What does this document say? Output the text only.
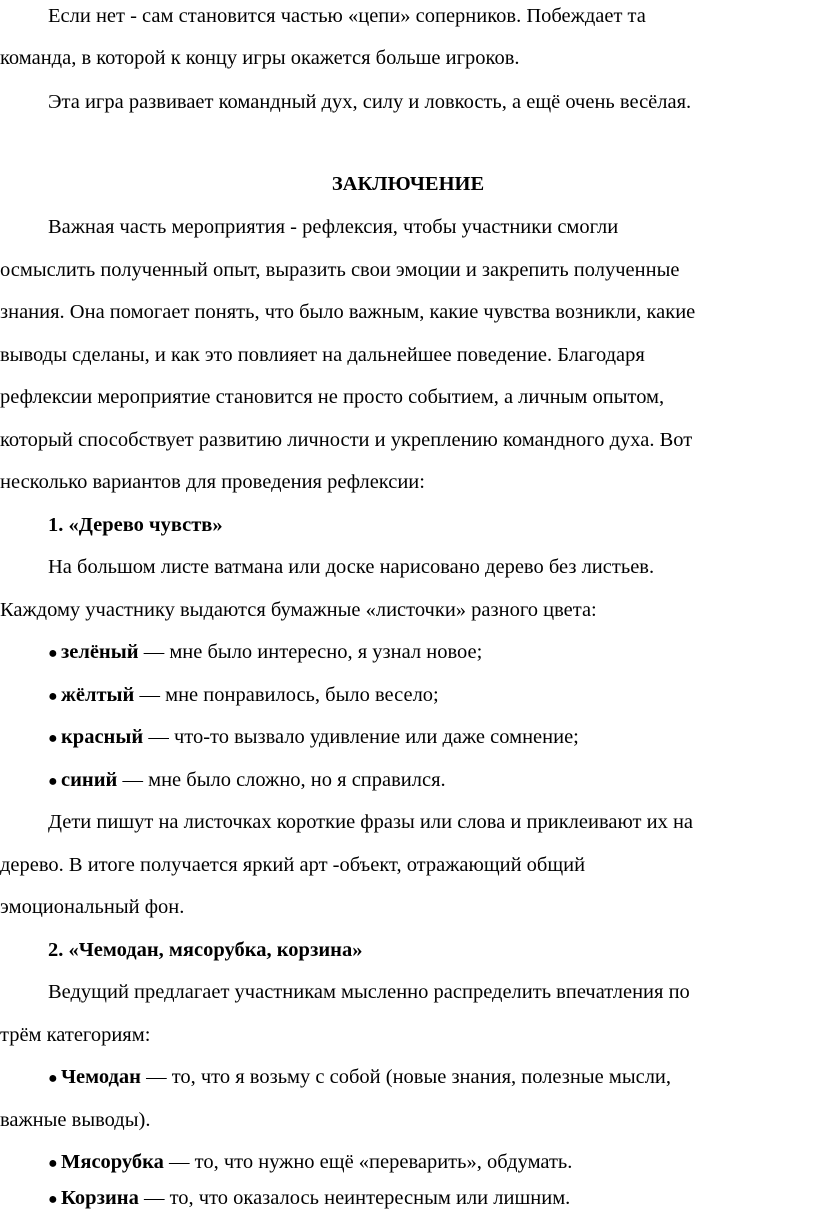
Если нет - сам становится частью «цепи» соперников. Побеждает та
команда, в которой к концу игры окажется больше игроков.
Эта игра развивает командный дух, силу и ловкость, а ещё очень весёлая.
ЗАКЛЮЧЕНИЕ
Важная часть мероприятия - рефлексия, чтобы участники смогли
осмыслить полученный опыт, выразить свои эмоции и закрепить полученные
знания. Она помогает понять, что было важным, какие чувства возникли, какие
выводы сделаны, и как это повлияет на дальнейшее поведение. Благодаря
рефлексии мероприятие становится не просто событием, а личным опытом,
который способствует развитию личности и укреплению командного духа. Вот
несколько вариантов для проведения рефлексии:
1. «Дерево чувств»
На большом листе ватмана или доске нарисовано дерево без листьев.
Каждому участнику выдаются бумажные «листочки» разного цвета:
● зелёный — мне было интересно, я узнал новое;
● жёлтый — мне понравилось, было весело;
● красный — что-то вызвало удивление или даже сомнение;
● синий — мне было сложно, но я справился.
Дети пишут на листочках короткие фразы или слова и приклеивают их на
дерево. В итоге получается яркий арт -объект, отражающий общий
эмоциональный фон.
2. «Чемодан, мясорубка, корзина»
Ведущий предлагает участникам мысленно распределить впечатления по
трём категориям:
● Чемодан — то, что я возьму с собой (новые знания, полезные мысли,
важные выводы).
● Мясорубка — то, что нужно ещё «переварить», обдумать.
● Корзина — то, что оказалось неинтересным или лишним.
